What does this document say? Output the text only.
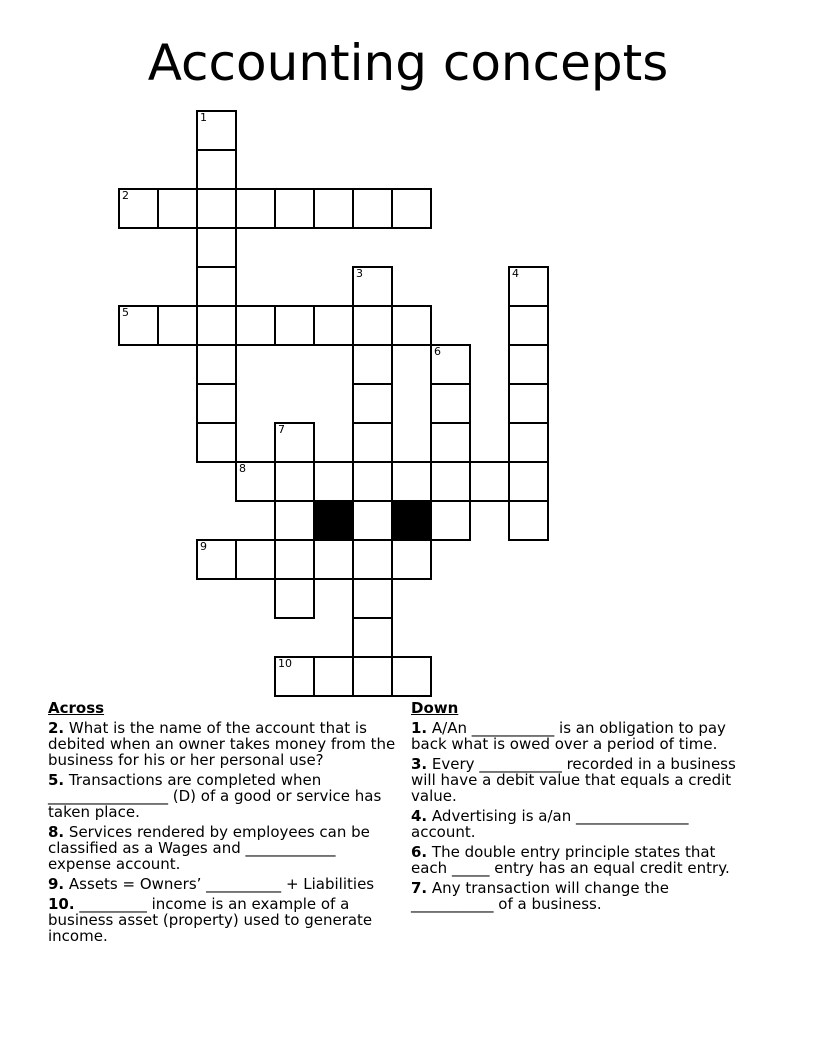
Accounting concepts
1
2
3	4
5
6
7
8
9
10
Across
2. What is the name of the account that is debited when an owner takes money from the business for his or her personal use?
5. Transactions are completed when ________________ (D) of a good or service has taken place.
8. Services rendered by employees can be classified as a Wages and ____________ expense account.
9. Assets = Owners’ __________ + Liabilities
10. _________ income is an example of a business asset (property) used to generate income.
Down
1. A/An ___________ is an obligation to pay back what is owed over a period of time.
3. Every ___________ recorded in a business will have a debit value that equals a credit value.
4. Advertising is a/an _______________ account.
6. The double entry principle states that each _____ entry has an equal credit entry.
7. Any transaction will change the ___________ of a business.
